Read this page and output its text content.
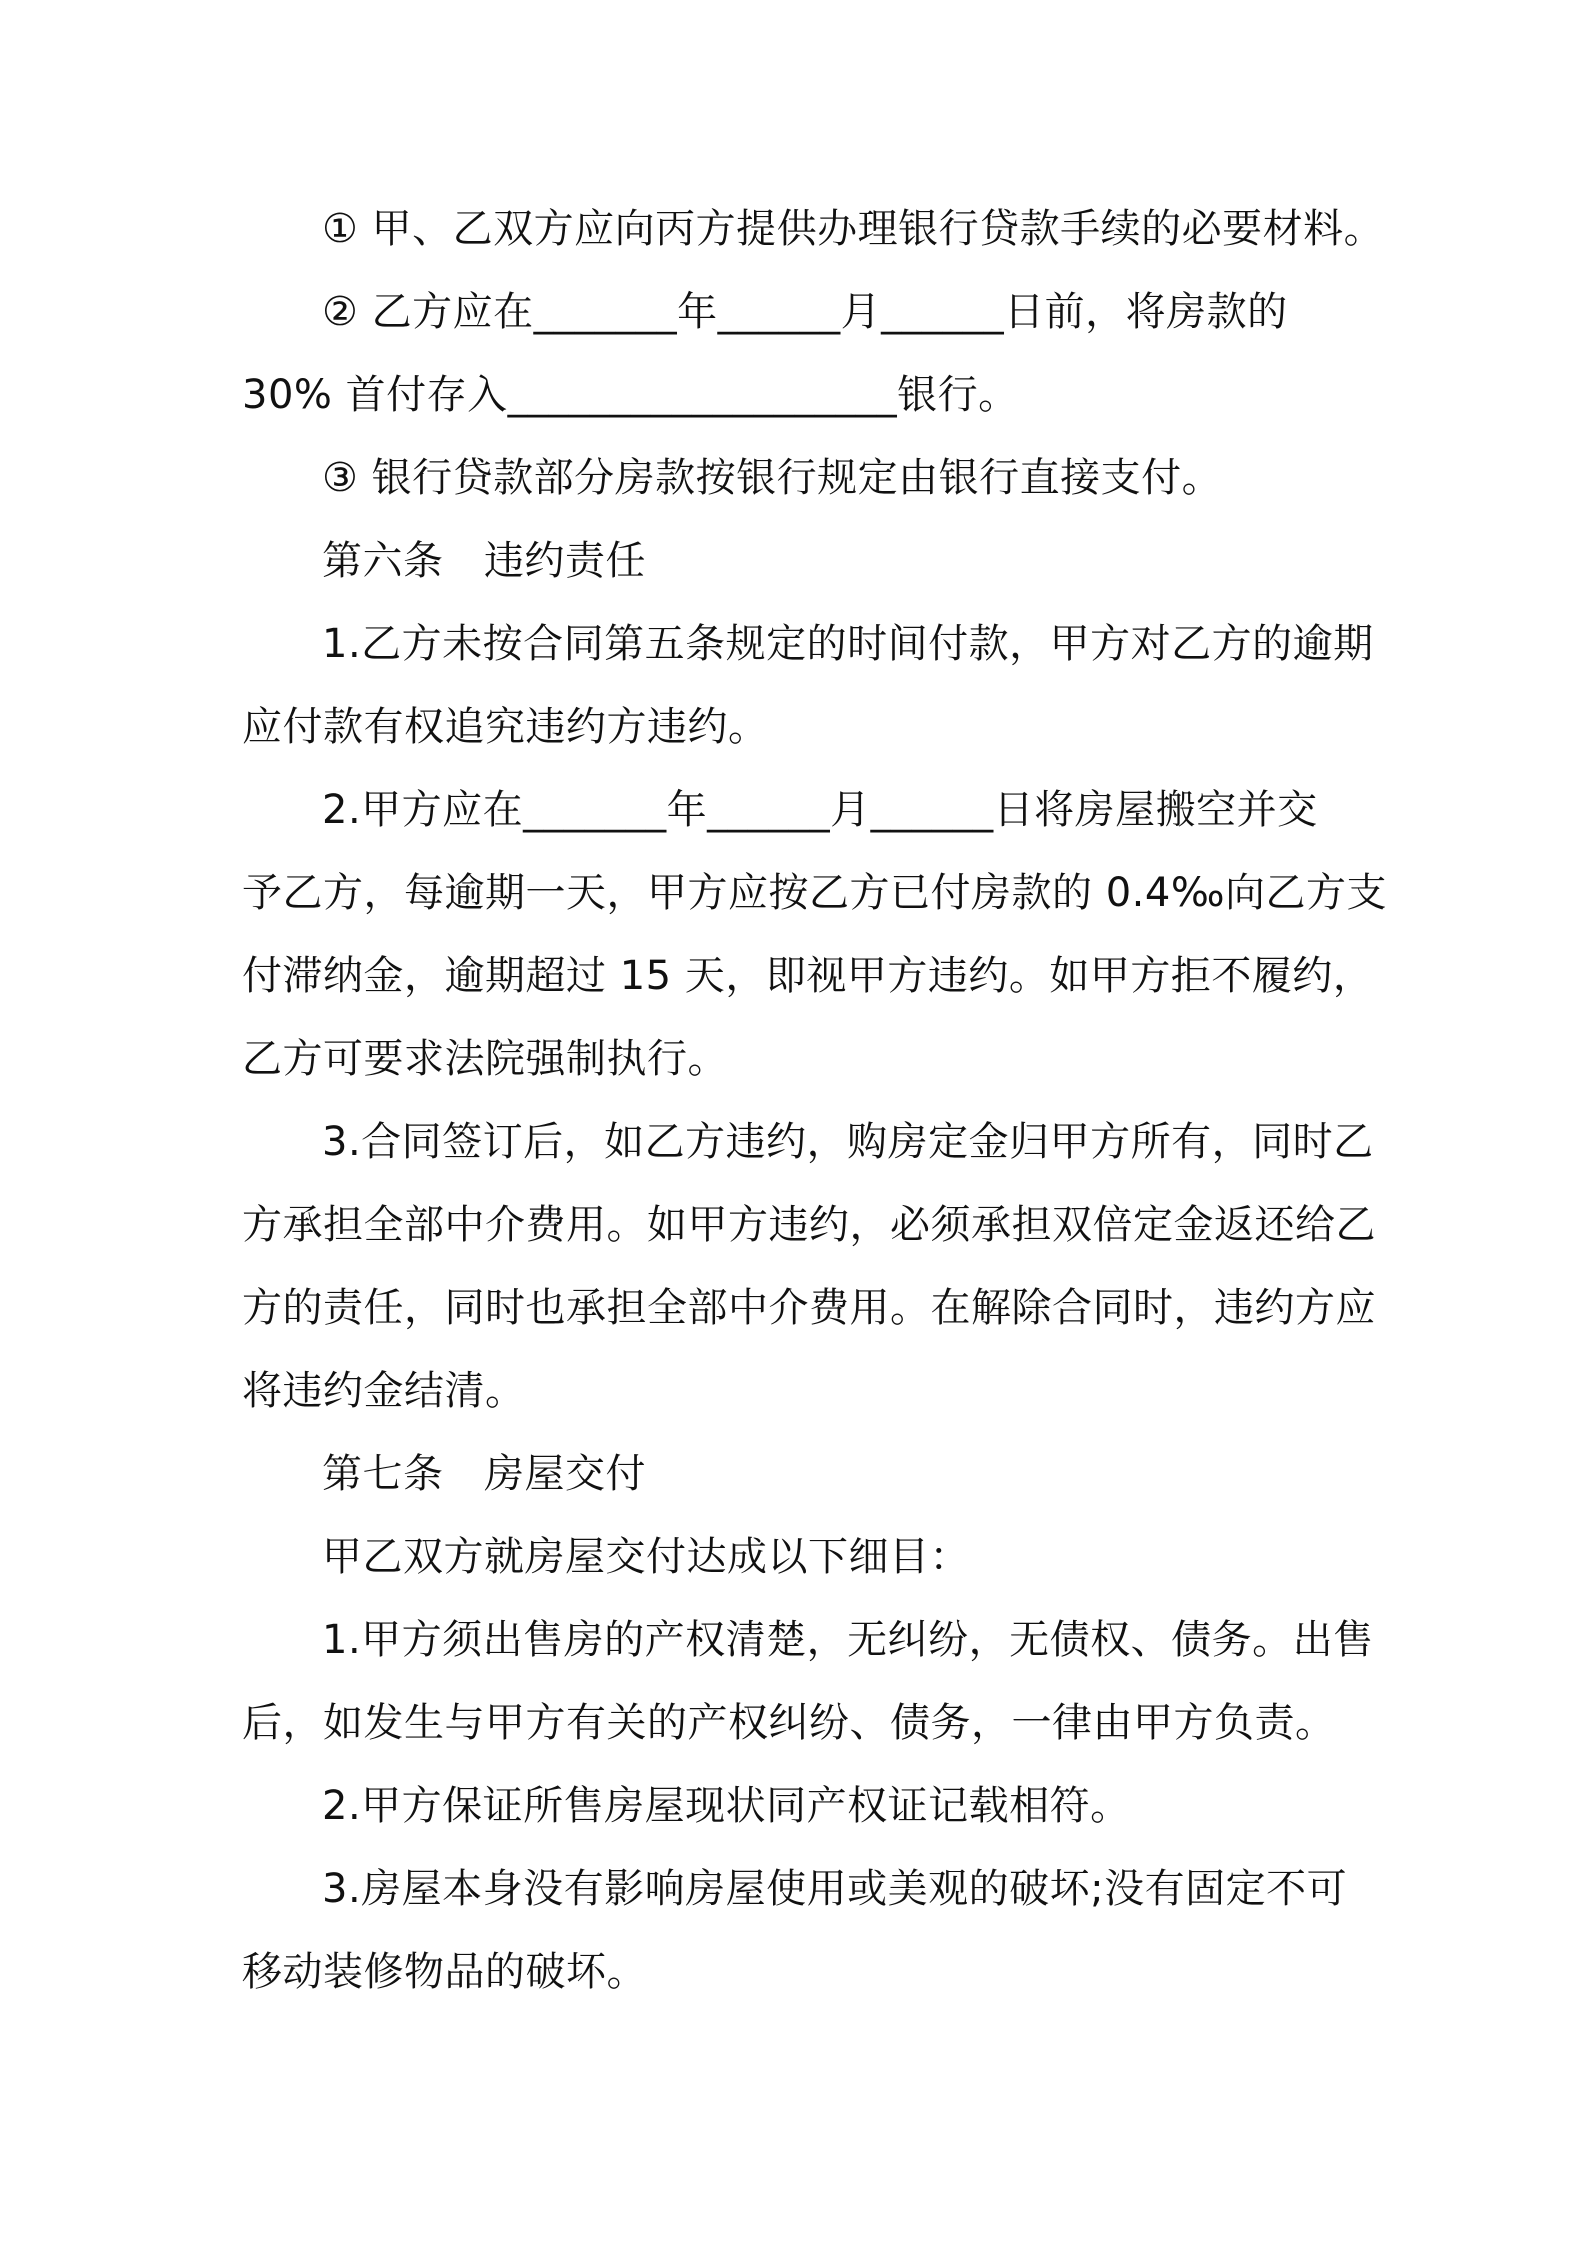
① 甲、乙双方应向丙方提供办理银行贷款手续的必要材料。
② 乙方应在_______年______月______日前，将房款的
30% 首付存入___________________银行。
③ 银行贷款部分房款按银行规定由银行直接支付。
第六条　违约责任
1.乙方未按合同第五条规定的时间付款，甲方对乙方的逾期
应付款有权追究违约方违约。
2.甲方应在_______年______月______日将房屋搬空并交
予乙方，每逾期一天，甲方应按乙方已付房款的 0.4‰向乙方支
付滞纳金，逾期超过 15 天，即视甲方违约。如甲方拒不履约，
乙方可要求法院强制执行。
3.合同签订后，如乙方违约，购房定金归甲方所有，同时乙
方承担全部中介费用。如甲方违约，必须承担双倍定金返还给乙
方的责任，同时也承担全部中介费用。在解除合同时，违约方应
将违约金结清。
第七条　房屋交付
甲乙双方就房屋交付达成以下细目：
1.甲方须出售房的产权清楚，无纠纷，无债权、债务。出售
后，如发生与甲方有关的产权纠纷、债务，一律由甲方负责。
2.甲方保证所售房屋现状同产权证记载相符。
3.房屋本身没有影响房屋使用或美观的破坏;没有固定不可
移动装修物品的破坏。
